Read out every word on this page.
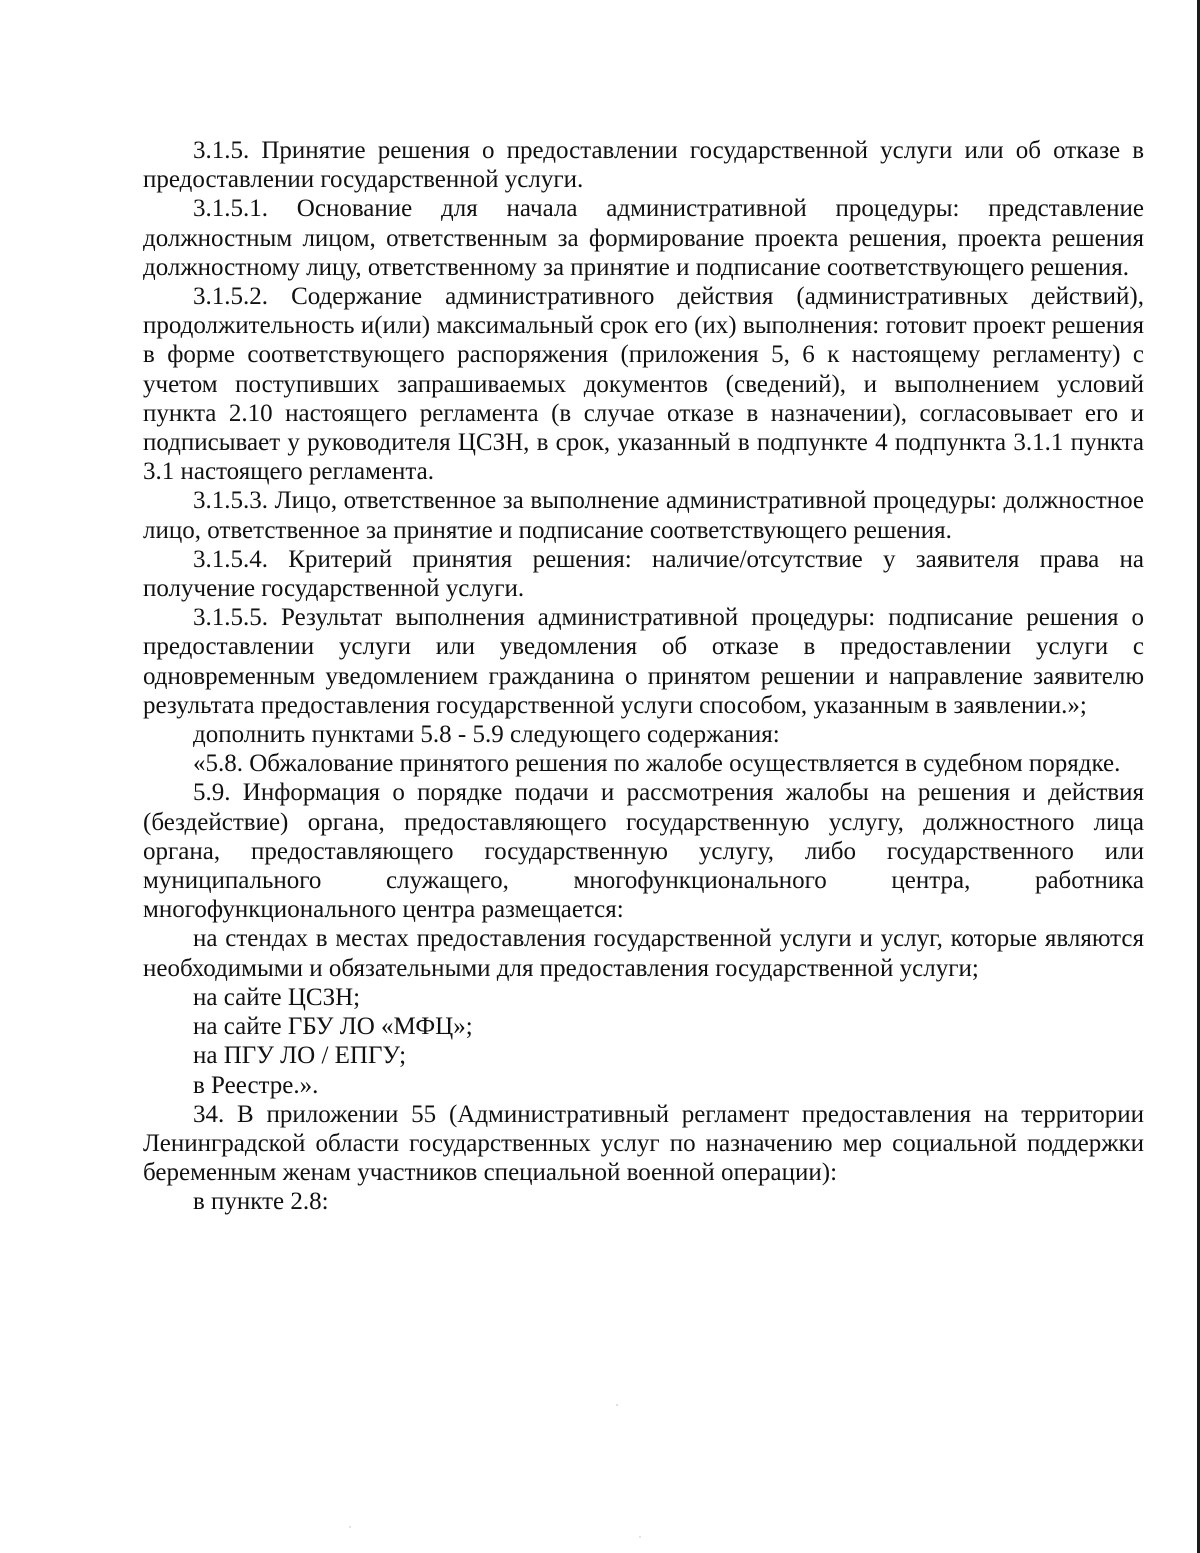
3.1.5. Принятие решения о предоставлении государственной услуги или об отказе в предоставлении государственной услуги.

3.1.5.1. Основание для начала административной процедуры: представление должностным лицом, ответственным за формирование проекта решения, проекта решения должностному лицу, ответственному за принятие и подписание соответствующего решения.

3.1.5.2. Содержание административного действия (административных действий), продолжительность и(или) максимальный срок его (их) выполнения: готовит проект решения в форме соответствующего распоряжения (приложения 5, 6 к настоящему регламенту) с учетом поступивших запрашиваемых документов (сведений), и выполнением условий пункта 2.10 настоящего регламента (в случае отказе в назначении), согласовывает его и подписывает у руководителя ЦСЗН, в срок, указанный в подпункте 4 подпункта 3.1.1 пункта 3.1 настоящего регламента.

3.1.5.3. Лицо, ответственное за выполнение административной процедуры: должностное лицо, ответственное за принятие и подписание соответствующего решения.

3.1.5.4. Критерий принятия решения: наличие/отсутствие у заявителя права на получение государственной услуги.

3.1.5.5. Результат выполнения административной процедуры: подписание решения о предоставлении услуги или уведомления об отказе в предоставлении услуги с одновременным уведомлением гражданина о принятом решении и направление заявителю результата предоставления государственной услуги способом, указанным в заявлении.»;

дополнить пунктами 5.8 - 5.9 следующего содержания:

«5.8. Обжалование принятого решения по жалобе осуществляется в судебном порядке.

5.9. Информация о порядке подачи и рассмотрения жалобы на решения и действия (бездействие) органа, предоставляющего государственную услугу, должностного лица органа, предоставляющего государственную услугу, либо государственного или муниципального служащего, многофункционального центра, работника многофункционального центра размещается:

на стендах в местах предоставления государственной услуги и услуг, которые являются необходимыми и обязательными для предоставления государственной услуги;

на сайте ЦСЗН;

на сайте ГБУ ЛО «МФЦ»;

на ПГУ ЛО / ЕПГУ;

в Реестре.».

34. В приложении 55 (Административный регламент предоставления на территории Ленинградской области государственных услуг по назначению мер социальной поддержки беременным женам участников специальной военной операции):

в пункте 2.8:
